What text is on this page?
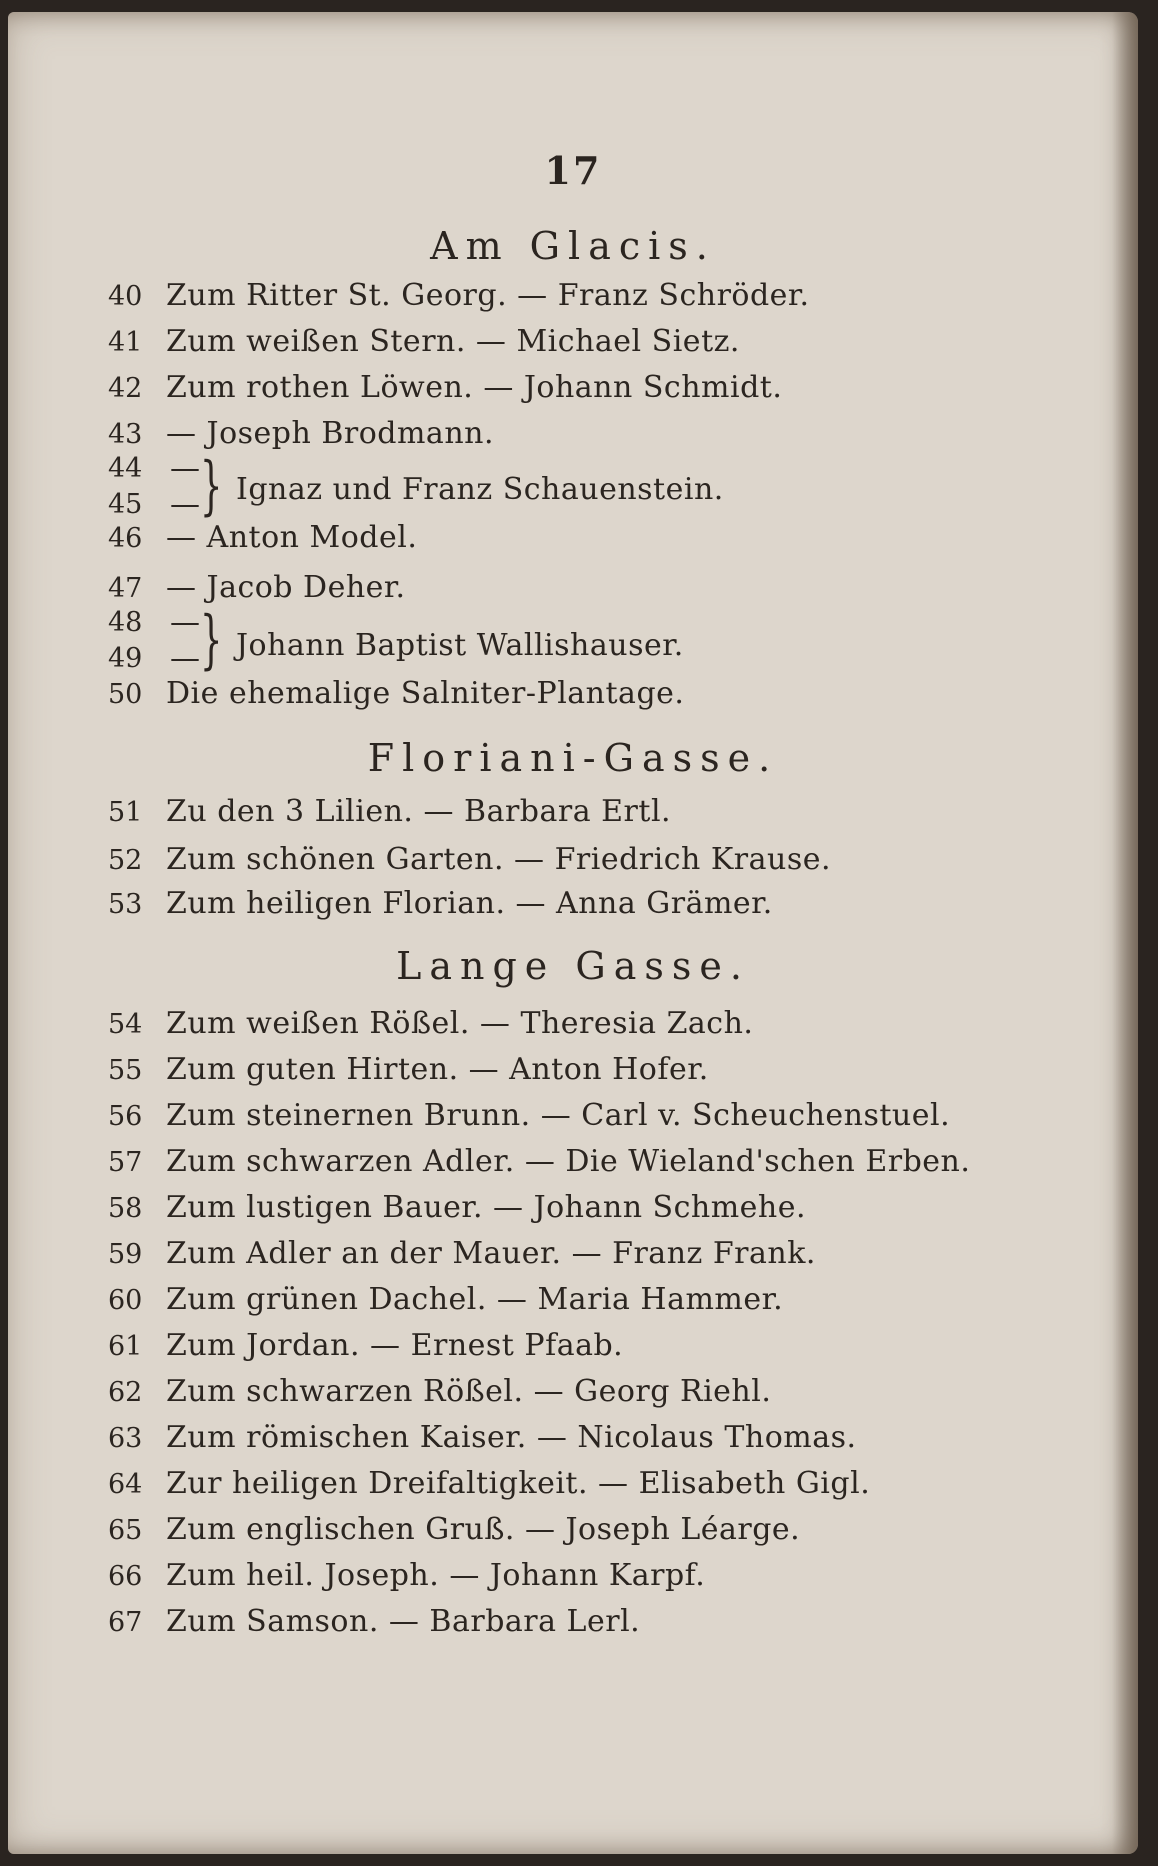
17
Am Glacis.
40 Zum Ritter St. Georg. — Franz Schröder.
41 Zum weißen Stern. — Michael Sietz.
42 Zum rothen Löwen. — Johann Schmidt.
43 — Joseph Brodmann.
44
45
—
— } Ignaz und Franz Schauenstein.
46 — Anton Model.
47 — Jacob Deher.
48
49
—
— } Johann Baptist Wallishauser.
50 Die ehemalige Salniter-Plantage.
Floriani-Gasse.
51 Zu den 3 Lilien. — Barbara Ertl.
52 Zum schönen Garten. — Friedrich Krause.
53 Zum heiligen Florian. — Anna Grämer.
Lange Gasse.
54 Zum weißen Rößel. — Theresia Zach.
55 Zum guten Hirten. — Anton Hofer.
56 Zum steinernen Brunn. — Carl v. Scheuchenstuel.
57 Zum schwarzen Adler. — Die Wieland'schen Erben.
58 Zum lustigen Bauer. — Johann Schmehe.
59 Zum Adler an der Mauer. — Franz Frank.
60 Zum grünen Dachel. — Maria Hammer.
61 Zum Jordan. — Ernest Pfaab.
62 Zum schwarzen Rößel. — Georg Riehl.
63 Zum römischen Kaiser. — Nicolaus Thomas.
64 Zur heiligen Dreifaltigkeit. — Elisabeth Gigl.
65 Zum englischen Gruß. — Joseph Léarge.
66 Zum heil. Joseph. — Johann Karpf.
67 Zum Samson. — Barbara Lerl.
